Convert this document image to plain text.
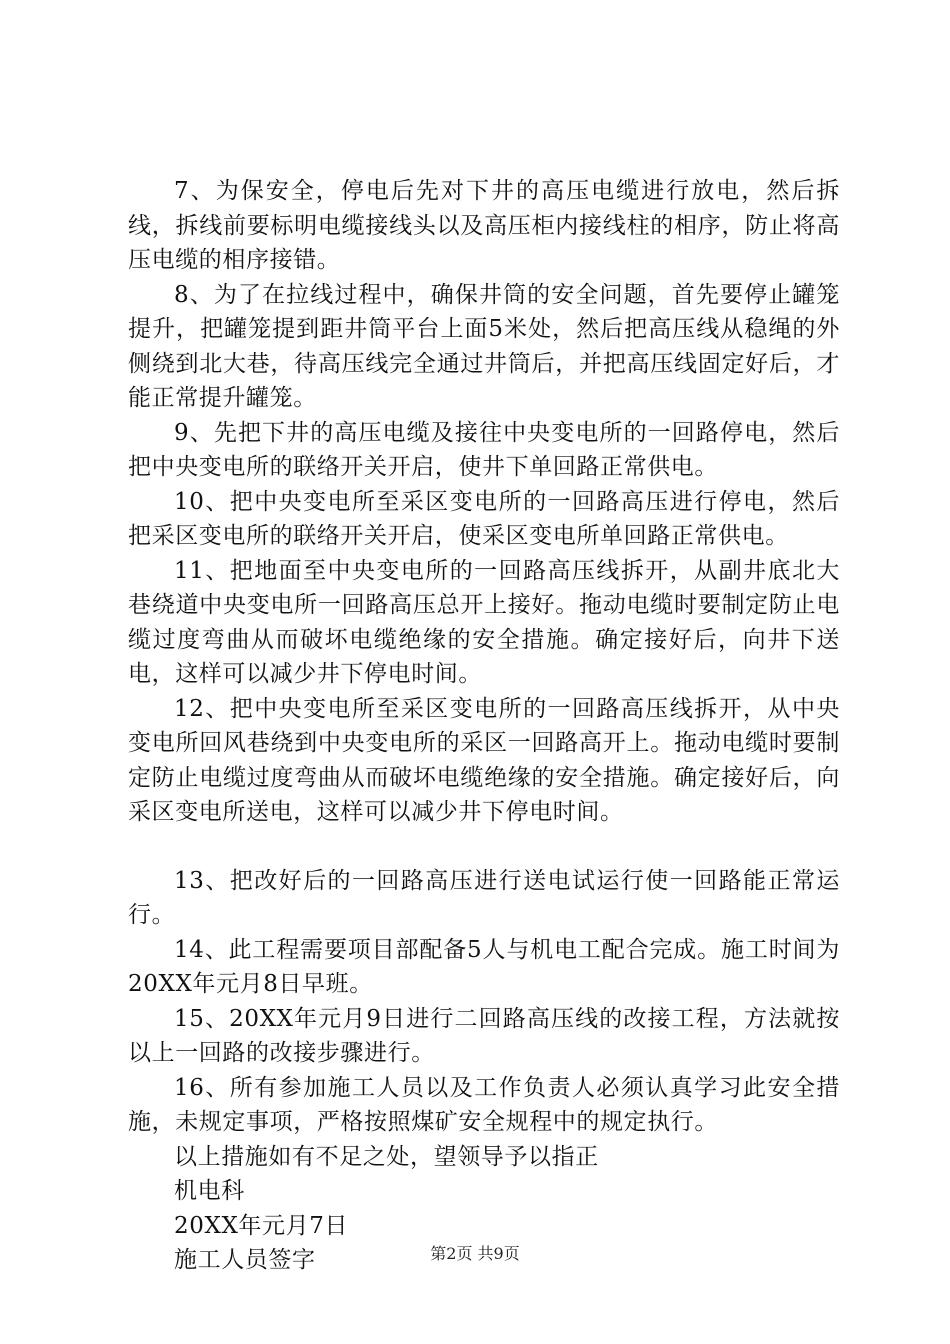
7、为保安全，停电后先对下井的高压电缆进行放电，然后拆线，拆线前要标明电缆接线头以及高压柜内接线柱的相序，防止将高压电缆的相序接错。

8、为了在拉线过程中，确保井筒的安全问题，首先要停止罐笼提升，把罐笼提到距井筒平台上面5米处，然后把高压线从稳绳的外侧绕到北大巷，待高压线完全通过井筒后，并把高压线固定好后，才能正常提升罐笼。

9、先把下井的高压电缆及接往中央变电所的一回路停电，然后把中央变电所的联络开关开启，使井下单回路正常供电。

10、把中央变电所至采区变电所的一回路高压进行停电，然后把采区变电所的联络开关开启，使采区变电所单回路正常供电。

11、把地面至中央变电所的一回路高压线拆开，从副井底北大巷绕道中央变电所一回路高压总开上接好。拖动电缆时要制定防止电缆过度弯曲从而破坏电缆绝缘的安全措施。确定接好后，向井下送电，这样可以减少井下停电时间。

12、把中央变电所至采区变电所的一回路高压线拆开，从中央变电所回风巷绕到中央变电所的采区一回路高开上。拖动电缆时要制定防止电缆过度弯曲从而破坏电缆绝缘的安全措施。确定接好后，向采区变电所送电，这样可以减少井下停电时间。

13、把改好后的一回路高压进行送电试运行使一回路能正常运行。

14、此工程需要项目部配备5人与机电工配合完成。施工时间为20XX年元月8日早班。

15、20XX年元月9日进行二回路高压线的改接工程，方法就按以上一回路的改接步骤进行。

16、所有参加施工人员以及工作负责人必须认真学习此安全措施，未规定事项，严格按照煤矿安全规程中的规定执行。

以上措施如有不足之处，望领导予以指正

机电科

20XX年元月7日

施工人员签字	第2页 共9页
